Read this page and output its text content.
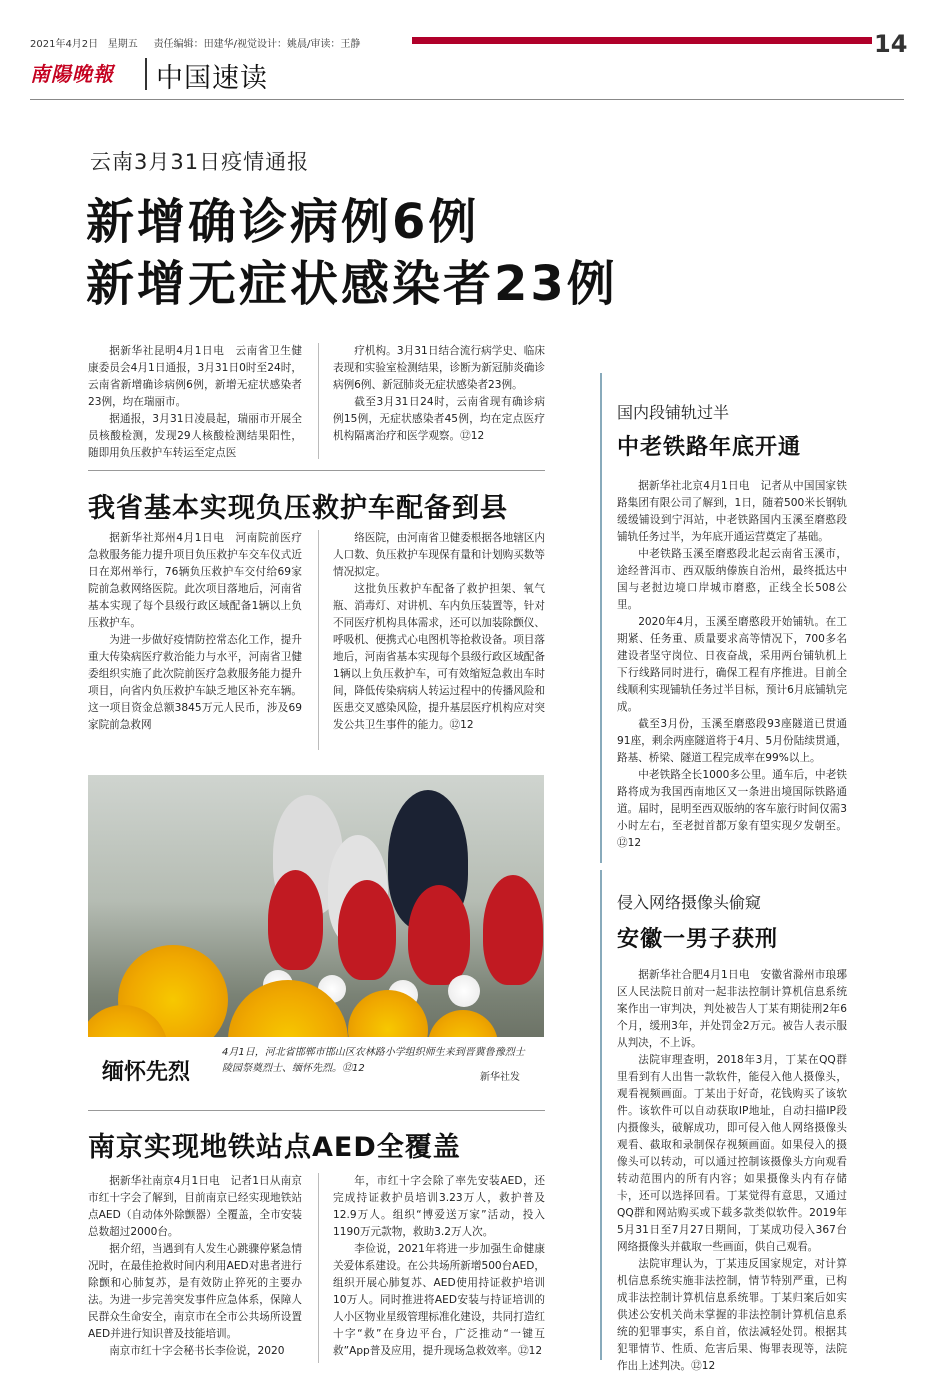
2021年4月2日 星期五 责任编辑：田建华/视觉设计：姚晨/审读：王静	14
南陽晚報 中国速读
云南3月31日疫情通报
新增确诊病例6例
新增无症状感染者23例

据新华社昆明4月1日电　云南省卫生健康委员会4月1日通报，3月31日0时至24时，云南省新增确诊病例6例，新增无症状感染者23例，均在瑞丽市。

据通报，3月31日凌晨起，瑞丽市开展全员核酸检测，发现29人核酸检测结果阳性，随即用负压救护车转运至定点医

疗机构。3月31日结合流行病学史、临床表现和实验室检测结果，诊断为新冠肺炎确诊病例6例、新冠肺炎无症状感染者23例。

截至3月31日24时，云南省现有确诊病例15例，无症状感染者45例，均在定点医疗机构隔离治疗和医学观察。⑫12

我省基本实现负压救护车配备到县

据新华社郑州4月1日电　河南院前医疗急救服务能力提升项目负压救护车交车仪式近日在郑州举行，76辆负压救护车交付给69家院前急救网络医院。此次项目落地后，河南省基本实现了每个县级行政区域配备1辆以上负压救护车。

为进一步做好疫情防控常态化工作，提升重大传染病医疗救治能力与水平，河南省卫健委组织实施了此次院前医疗急救服务能力提升项目，向省内负压救护车缺乏地区补充车辆。这一项目资金总额3845万元人民币，涉及69家院前急救网

络医院，由河南省卫健委根据各地辖区内人口数、负压救护车现保有量和计划购买数等情况拟定。

这批负压救护车配备了救护担架、氧气瓶、消毒灯、对讲机、车内负压装置等，针对不同医疗机构具体需求，还可以加装除颤仪、呼吸机、便携式心电图机等抢救设备。项目落地后，河南省基本实现每个县级行政区域配备1辆以上负压救护车，可有效缩短急救出车时间，降低传染病病人转运过程中的传播风险和医患交叉感染风险，提升基层医疗机构应对突发公共卫生事件的能力。⑫12

缅怀先烈
4月1日，河北省邯郸市邯山区农林路小学组织师生来到晋冀鲁豫烈士陵园祭奠烈士、缅怀先烈。⑫12
新华社发
南京实现地铁站点AED全覆盖

据新华社南京4月1日电　记者1日从南京市红十字会了解到，目前南京已经实现地铁站点AED（自动体外除颤器）全覆盖，全市安装总数超过2000台。

据介绍，当遇到有人发生心跳骤停紧急情况时，在最佳抢救时间内利用AED对患者进行除颤和心肺复苏，是有效防止猝死的主要办法。为进一步完善突发事件应急体系，保障人民群众生命安全，南京市在全市公共场所设置AED并进行知识普及技能培训。

南京市红十字会秘书长李俭说，2020

年，市红十字会除了率先安装AED，还完成持证救护员培训3.23万人，救护普及12.9万人。组织“博爱送万家”活动，投入1190万元款物，救助3.2万人次。

李俭说，2021年将进一步加强生命健康关爱体系建设。在公共场所新增500台AED，组织开展心肺复苏、AED使用持证救护培训10万人。同时推进将AED安装与持证培训的人小区物业星级管理标准化建设，共同打造红十字“救”在身边平台，广泛推动“一键互救”App普及应用，提升现场急救效率。⑫12

国内段铺轨过半
中老铁路年底开通

据新华社北京4月1日电　记者从中国国家铁路集团有限公司了解到，1日，随着500米长钢轨缓缓铺设到宁洱站，中老铁路国内玉溪至磨憨段铺轨任务过半，为年底开通运营奠定了基础。

中老铁路玉溪至磨憨段北起云南省玉溪市，途经普洱市、西双版纳傣族自治州，最终抵达中国与老挝边境口岸城市磨憨，正线全长508公里。

2020年4月，玉溪至磨憨段开始铺轨。在工期紧、任务重、质量要求高等情况下，700多名建设者坚守岗位、日夜奋战，采用两台铺轨机上下行线路同时进行，确保工程有序推进。目前全线顺利实现铺轨任务过半目标，预计6月底铺轨完成。

截至3月份，玉溪至磨憨段93座隧道已贯通91座，剩余两座隧道将于4月、5月份陆续贯通，路基、桥梁、隧道工程完成率在99%以上。

中老铁路全长1000多公里。通车后，中老铁路将成为我国西南地区又一条进出境国际铁路通道。届时，昆明至西双版纳的客车旅行时间仅需3小时左右，至老挝首都万象有望实现夕发朝至。⑫12

侵入网络摄像头偷窥
安徽一男子获刑

据新华社合肥4月1日电　安徽省滁州市琅琊区人民法院日前对一起非法控制计算机信息系统案作出一审判决，判处被告人丁某有期徒刑2年6个月，缓刑3年，并处罚金2万元。被告人表示服从判决，不上诉。

法院审理查明，2018年3月，丁某在QQ群里看到有人出售一款软件，能侵入他人摄像头，观看视频画面。丁某出于好奇，花钱购买了该软件。该软件可以自动获取IP地址，自动扫描IP段内摄像头，破解成功，即可侵入他人网络摄像头观看、截取和录制保存视频画面。如果侵入的摄像头可以转动，可以通过控制该摄像头方向观看转动范围内的所有内容；如果摄像头内有存储卡，还可以选择回看。丁某觉得有意思，又通过QQ群和网站购买或下载多款类似软件。2019年5月31日至7月27日期间，丁某成功侵入367台网络摄像头并截取一些画面，供自己观看。

法院审理认为，丁某违反国家规定，对计算机信息系统实施非法控制，情节特别严重，已构成非法控制计算机信息系统罪。丁某归案后如实供述公安机关尚未掌握的非法控制计算机信息系统的犯罪事实，系自首，依法减轻处罚。根据其犯罪情节、性质、危害后果、悔罪表现等，法院作出上述判决。⑫12
